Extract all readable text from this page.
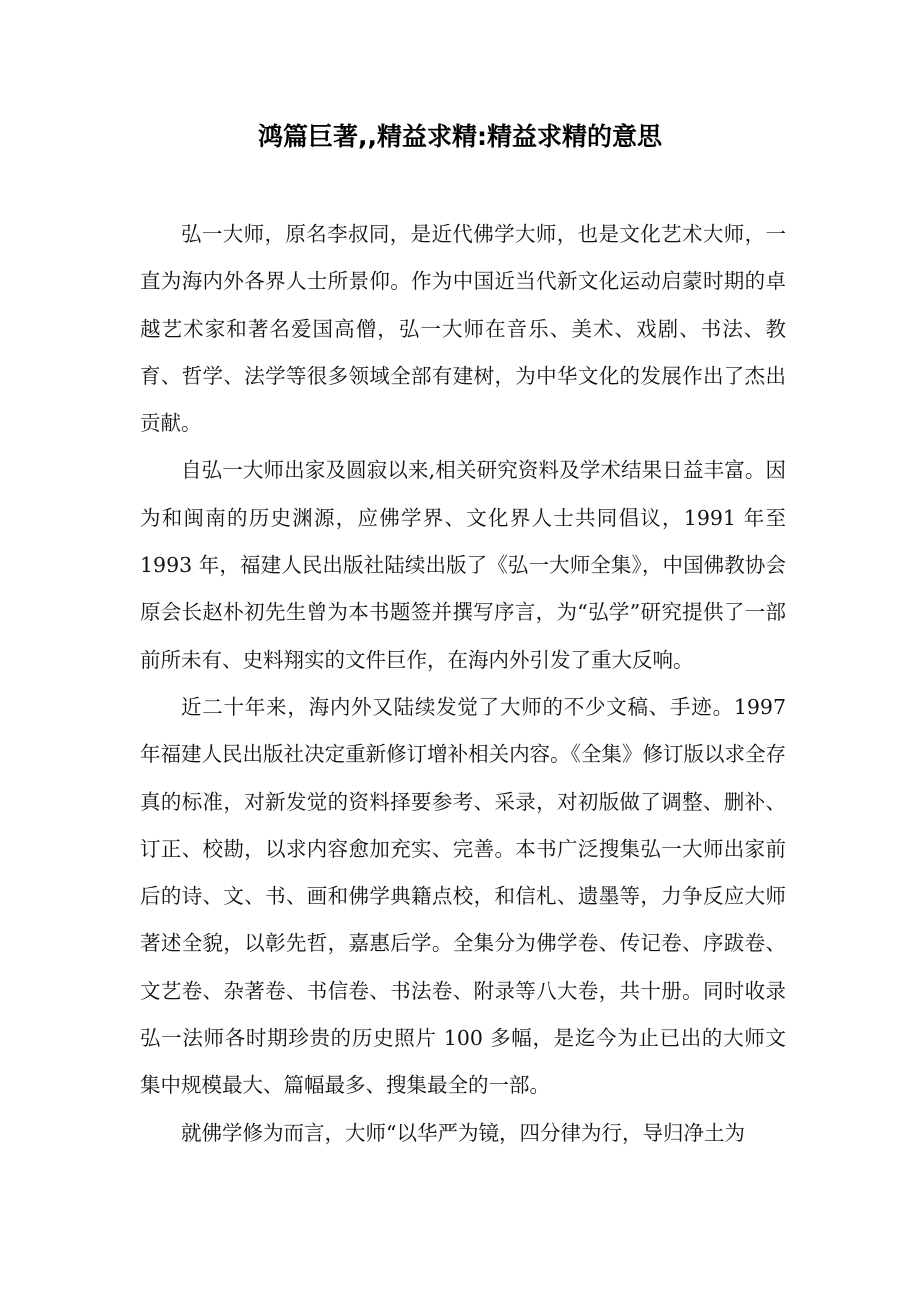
鸿篇巨著,,精益求精:精益求精的意思

弘一大师，原名李叔同，是近代佛学大师，也是文化艺术大师，一直为海内外各界人士所景仰。作为中国近当代新文化运动启蒙时期的卓越艺术家和著名爱国高僧，弘一大师在音乐、美术、戏剧、书法、教育、哲学、法学等很多领域全部有建树，为中华文化的发展作出了杰出贡献。

自弘一大师出家及圆寂以来,相关研究资料及学术结果日益丰富。因为和闽南的历史渊源，应佛学界、文化界人士共同倡议，1991 年至 1993 年，福建人民出版社陆续出版了《弘一大师全集》，中国佛教协会原会长赵朴初先生曾为本书题签并撰写序言，为“弘学”研究提供了一部前所未有、史料翔实的文件巨作，在海内外引发了重大反响。

近二十年来，海内外又陆续发觉了大师的不少文稿、手迹。1997 年福建人民出版社决定重新修订增补相关内容。《全集》修订版以求全存真的标准，对新发觉的资料择要参考、采录，对初版做了调整、删补、订正、校勘，以求内容愈加充实、完善。本书广泛搜集弘一大师出家前后的诗、文、书、画和佛学典籍点校，和信札、遗墨等，力争反应大师著述全貌，以彰先哲，嘉惠后学。全集分为佛学卷、传记卷、序跋卷、文艺卷、杂著卷、书信卷、书法卷、附录等八大卷，共十册。同时收录弘一法师各时期珍贵的历史照片 100 多幅，是迄今为止已出的大师文集中规模最大、篇幅最多、搜集最全的一部。

就佛学修为而言，大师“以华严为镜，四分律为行，导归净土为
